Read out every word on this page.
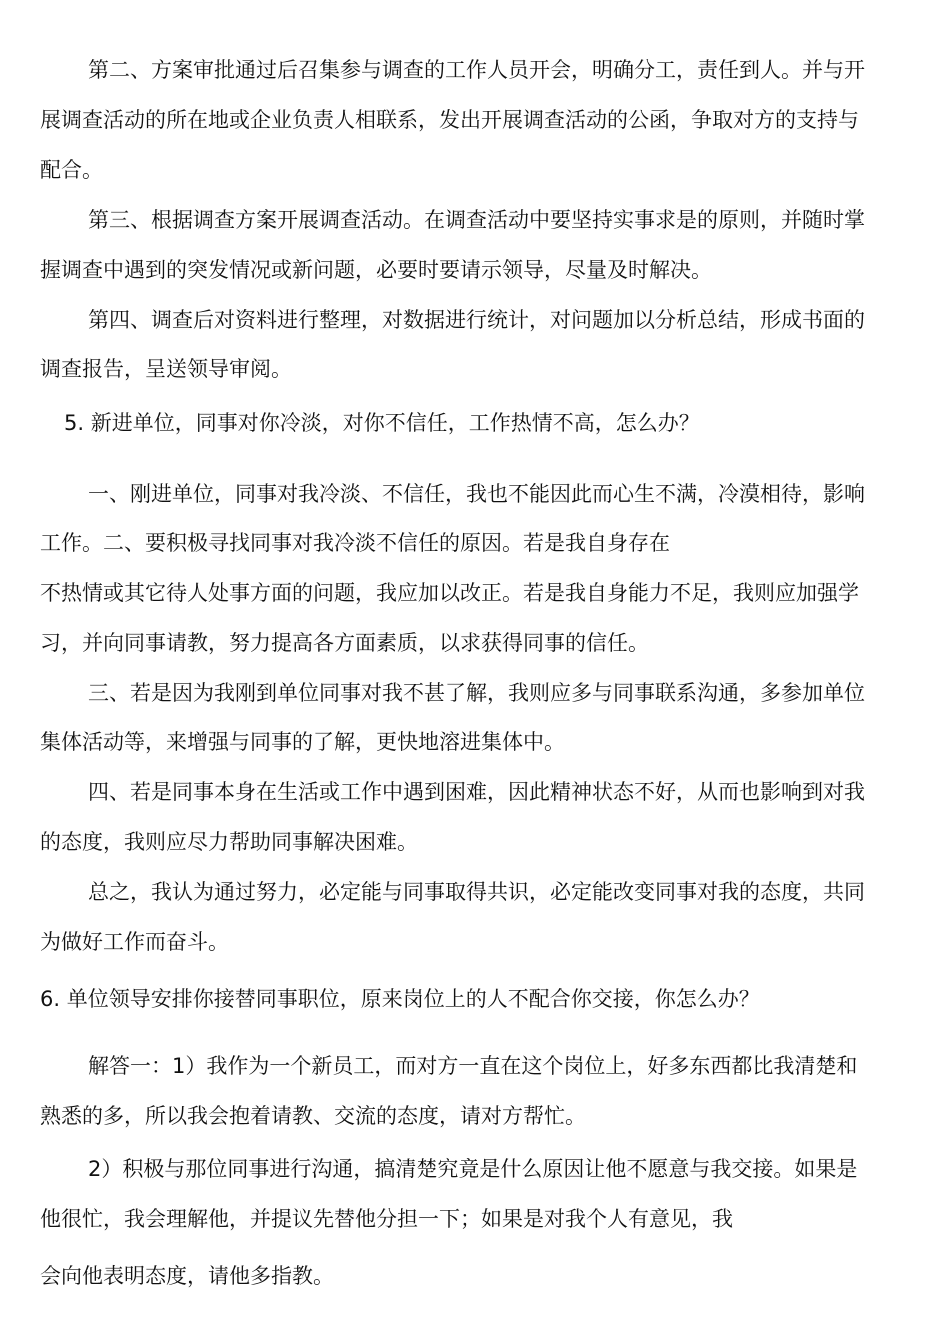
第二、方案审批通过后召集参与调查的工作人员开会，明确分工，责任到人。并与开
展调查活动的所在地或企业负责人相联系，发出开展调查活动的公函，争取对方的支持与
配合。
第三、根据调查方案开展调查活动。在调查活动中要坚持实事求是的原则，并随时掌
握调查中遇到的突发情况或新问题，必要时要请示领导，尽量及时解决。
第四、调查后对资料进行整理，对数据进行统计，对问题加以分析总结，形成书面的
调查报告，呈送领导审阅。
5. 新进单位，同事对你冷淡，对你不信任，工作热情不高，怎么办？
一、刚进单位，同事对我冷淡、不信任，我也不能因此而心生不满，冷漠相待，影响
工作。二、要积极寻找同事对我冷淡不信任的原因。若是我自身存在
不热情或其它待人处事方面的问题，我应加以改正。若是我自身能力不足，我则应加强学
习，并向同事请教，努力提高各方面素质，以求获得同事的信任。
三、若是因为我刚到单位同事对我不甚了解，我则应多与同事联系沟通，多参加单位
集体活动等，来增强与同事的了解，更快地溶进集体中。
四、若是同事本身在生活或工作中遇到困难，因此精神状态不好，从而也影响到对我
的态度，我则应尽力帮助同事解决困难。
总之，我认为通过努力，必定能与同事取得共识，必定能改变同事对我的态度，共同
为做好工作而奋斗。
6. 单位领导安排你接替同事职位，原来岗位上的人不配合你交接，你怎么办？
解答一：1）我作为一个新员工，而对方一直在这个岗位上，好多东西都比我清楚和
熟悉的多，所以我会抱着请教、交流的态度，请对方帮忙。
2）积极与那位同事进行沟通，搞清楚究竟是什么原因让他不愿意与我交接。如果是
他很忙，我会理解他，并提议先替他分担一下；如果是对我个人有意见，我
会向他表明态度，请他多指教。
